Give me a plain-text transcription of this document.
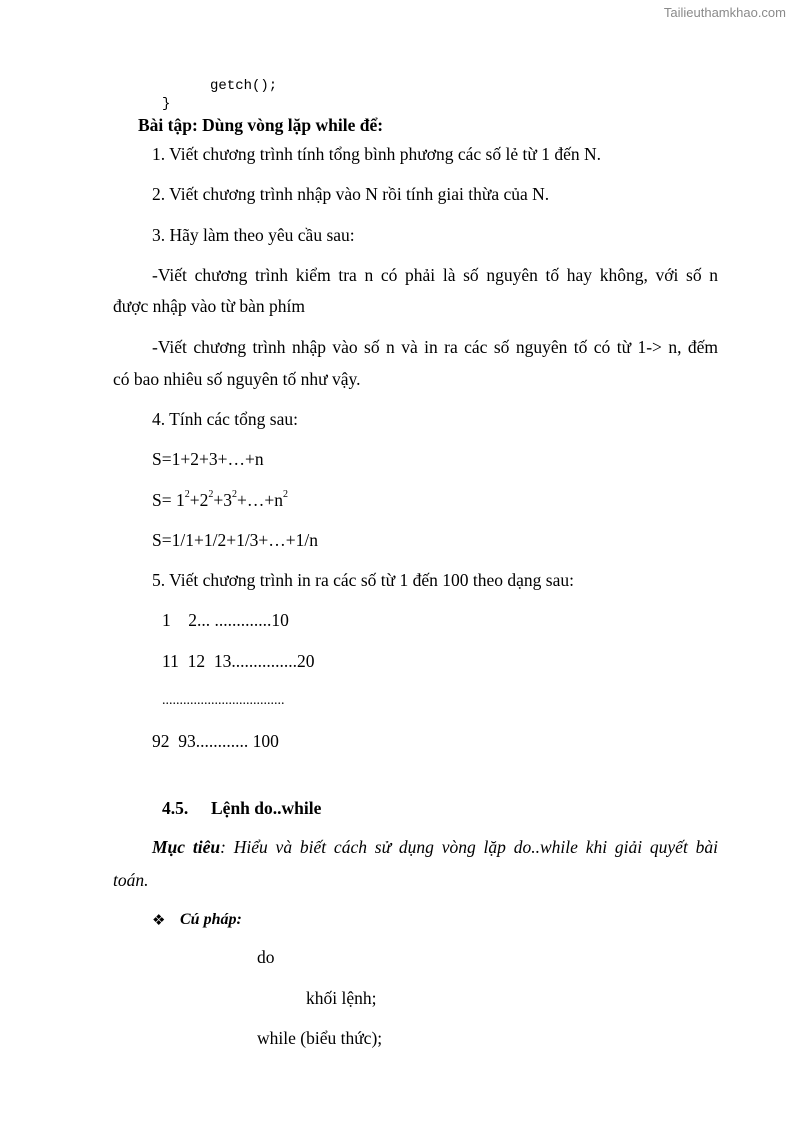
Tailieuthamkhao.com
getch();
}
Bài tập: Dùng vòng lặp while để:
1. Viết chương trình tính tổng bình phương các số lẻ từ 1 đến N.
2. Viết chương trình nhập vào N rồi tính giai thừa của N.
3. Hãy làm theo yêu cầu sau:
-Viết chương trình kiểm tra n có phải là số nguyên tố hay không, với số n
được nhập vào từ bàn phím
-Viết chương trình nhập vào số n và in ra các số nguyên tố có từ 1-> n, đếm
có bao nhiêu số nguyên tố như vậy.
4. Tính các tổng sau:
S=1+2+3+…+n
$S= 1^2+2^2+3^2+\dots+n^2$
S=1/1+1/2+1/3+…+1/n
5. Viết chương trình in ra các số từ 1 đến 100 theo dạng sau:
1    2... .............10
11  12  13...............20
...................................
92  93............ 100
4.5. Lệnh do..while
Mục tiêu: Hiểu và biết cách sử dụng vòng lặp do..while khi giải quyết bài
toán.
❖ Cú pháp:
do
khối lệnh;
while (biểu thức);
